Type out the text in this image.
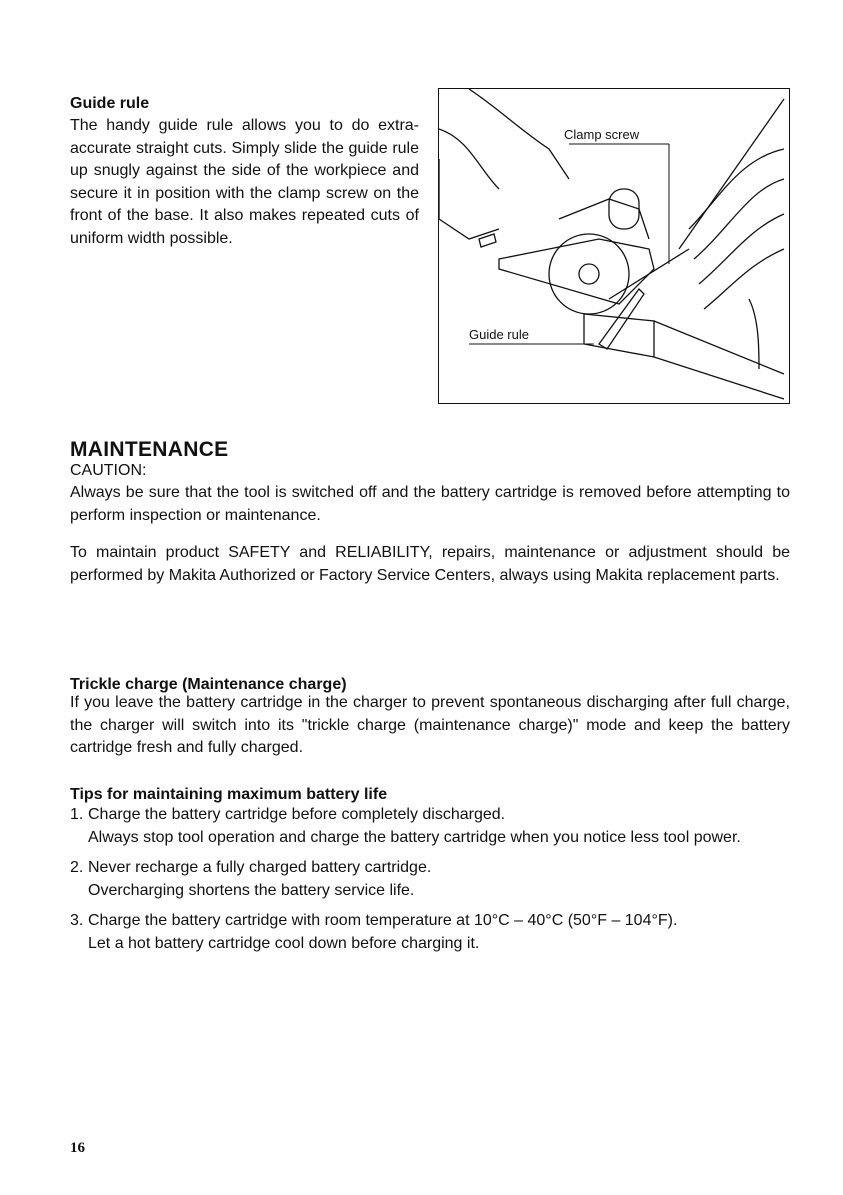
Guide rule
The handy guide rule allows you to do extra-accurate straight cuts. Simply slide the guide rule up snugly against the side of the workpiece and secure it in position with the clamp screw on the front of the base. It also makes repeated cuts of uniform width possible.
Clamp screw
Guide rule
MAINTENANCE
CAUTION:
Always be sure that the tool is switched off and the battery cartridge is removed before attempting to perform inspection or maintenance.
To maintain product SAFETY and RELIABILITY, repairs, maintenance or adjustment should be performed by Makita Authorized or Factory Service Centers, always using Makita replacement parts.
Trickle charge (Maintenance charge)
If you leave the battery cartridge in the charger to prevent spontaneous discharging after full charge, the charger will switch into its "trickle charge (maintenance charge)" mode and keep the battery cartridge fresh and fully charged.
Tips for maintaining maximum battery life
1. Charge the battery cartridge before completely discharged.
Always stop tool operation and charge the battery cartridge when you notice less tool power.
2. Never recharge a fully charged battery cartridge.
Overcharging shortens the battery service life.
3. Charge the battery cartridge with room temperature at 10°C – 40°C (50°F – 104°F).
Let a hot battery cartridge cool down before charging it.
16
